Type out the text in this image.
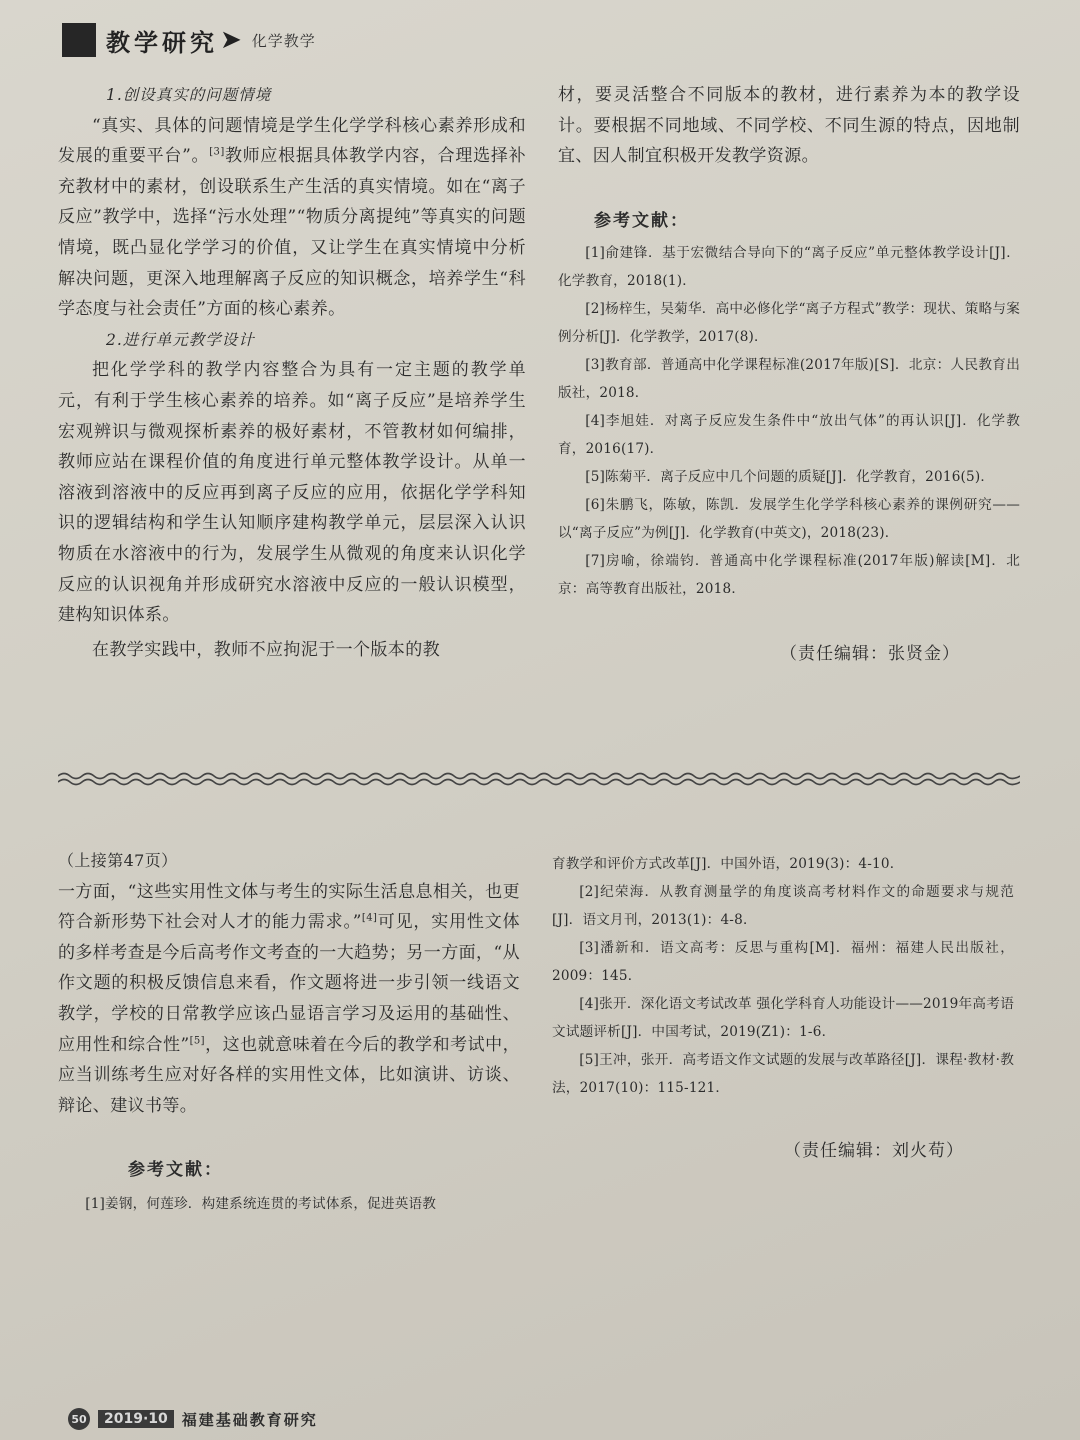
教学研究 ➤ 化学教学
1.创设真实的问题情境

“真实、具体的问题情境是学生化学学科核心素养形成和发展的重要平台”。[3]教师应根据具体教学内容，合理选择补充教材中的素材，创设联系生产生活的真实情境。如在“离子反应”教学中，选择“污水处理”“物质分离提纯”等真实的问题情境，既凸显化学学习的价值，又让学生在真实情境中分析解决问题，更深入地理解离子反应的知识概念，培养学生“科学态度与社会责任”方面的核心素养。

2.进行单元教学设计

把化学学科的教学内容整合为具有一定主题的教学单元，有利于学生核心素养的培养。如“离子反应”是培养学生宏观辨识与微观探析素养的极好素材，不管教材如何编排，教师应站在课程价值的角度进行单元整体教学设计。从单一溶液到溶液中的反应再到离子反应的应用，依据化学学科知识的逻辑结构和学生认知顺序建构教学单元，层层深入认识物质在水溶液中的行为，发展学生从微观的角度来认识化学反应的认识视角并形成研究水溶液中反应的一般认识模型，建构知识体系。

在教学实践中，教师不应拘泥于一个版本的教

材，要灵活整合不同版本的教材，进行素养为本的教学设计。要根据不同地域、不同学校、不同生源的特点，因地制宜、因人制宜积极开发教学资源。

参考文献：

[1]俞建锋．基于宏微结合导向下的“离子反应”单元整体教学设计[J]．化学教育，2018(1)．

[2]杨梓生，吴菊华．高中必修化学“离子方程式”教学：现状、策略与案例分析[J]．化学教学，2017(8)．

[3]教育部．普通高中化学课程标准(2017年版)[S]．北京：人民教育出版社，2018．

[4]李旭娃．对离子反应发生条件中“放出气体”的再认识[J]．化学教育，2016(17)．

[5]陈菊平．离子反应中几个问题的质疑[J]．化学教育，2016(5)．

[6]朱鹏飞，陈敏，陈凯．发展学生化学学科核心素养的课例研究——以“离子反应”为例[J]．化学教育(中英文)，2018(23)．

[7]房喻，徐端钧．普通高中化学课程标准(2017年版)解读[M]．北京：高等教育出版社，2018．

（责任编辑：张贤金）
（上接第47页）

一方面，“这些实用性文体与考生的实际生活息息相关，也更符合新形势下社会对人才的能力需求。”[4]可见，实用性文体的多样考查是今后高考作文考查的一大趋势；另一方面，“从作文题的积极反馈信息来看，作文题将进一步引领一线语文教学，学校的日常教学应该凸显语言学习及运用的基础性、应用性和综合性”[5]，这也就意味着在今后的教学和考试中，应当训练考生应对好各样的实用性文体，比如演讲、访谈、辩论、建议书等。

参考文献：

[1]姜钢，何莲珍．构建系统连贯的考试体系，促进英语教

育教学和评价方式改革[J]．中国外语，2019(3)：4-10．

[2]纪荣海．从教育测量学的角度谈高考材料作文的命题要求与规范[J]．语文月刊，2013(1)：4-8．

[3]潘新和．语文高考：反思与重构[M]．福州：福建人民出版社，2009：145．

[4]张开．深化语文考试改革 强化学科育人功能设计——2019年高考语文试题评析[J]．中国考试，2019(Z1)：1-6．

[5]王冲，张开．高考语文作文试题的发展与改革路径[J]．课程·教材·教法，2017(10)：115-121．

（责任编辑：刘火苟）
50	2019·10 福建基础教育研究
